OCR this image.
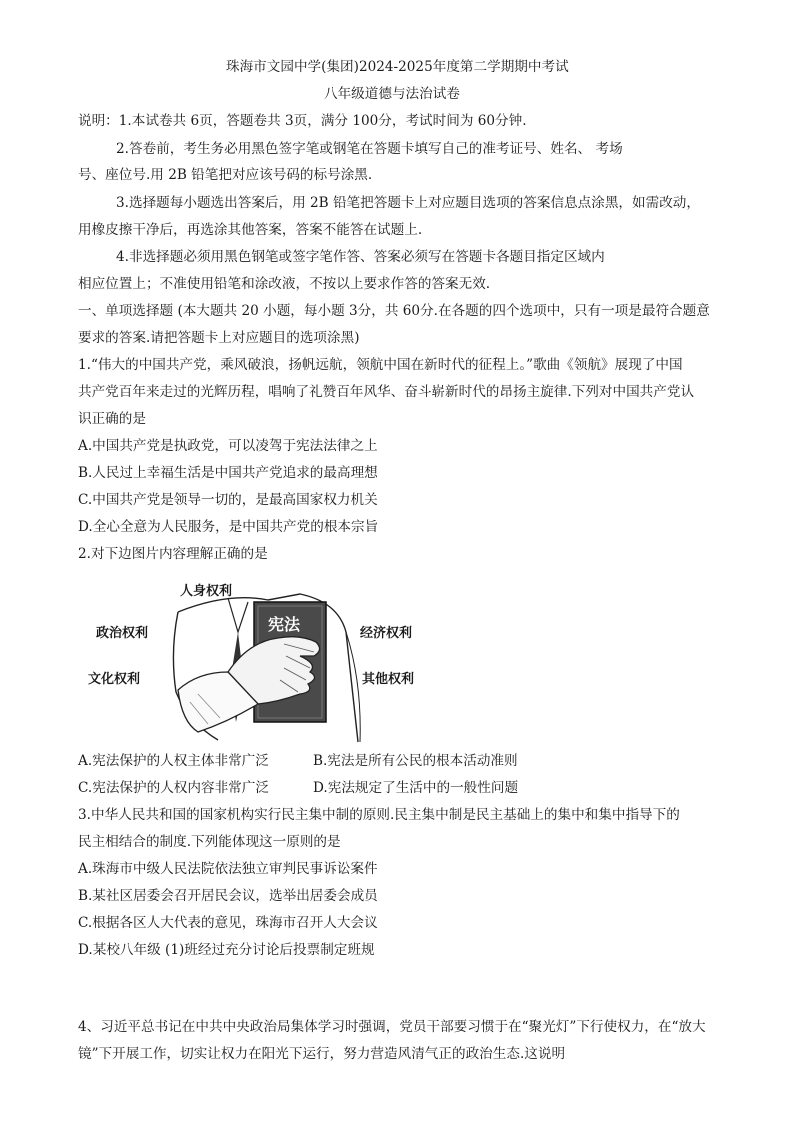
珠海市文园中学(集团)2024-2025年度第二学期期中考试
八年级道德与法治试卷
说明：1.本试卷共 6页，答题卷共 3页，满分 100分，考试时间为 60分钟.
2.答卷前，考生务必用黑色签字笔或钢笔在答题卡填写自己的准考证号、姓名、 考场
号、座位号.用 2B 铅笔把对应该号码的标号涂黑.
3.选择题每小题选出答案后，用 2B 铅笔把答题卡上对应题目选项的答案信息点涂黑，如需改动，
用橡皮擦干净后，再选涂其他答案，答案不能答在试题上.
4.非选择题必须用黑色钢笔或签字笔作答、答案必须写在答题卡各题目指定区域内
相应位置上；不准使用铅笔和涂改液，不按以上要求作答的答案无效.
一、单项选择题 (本大题共 20 小题，每小题 3分，共 60分.在各题的四个选项中，只有一项是最符合题意
要求的答案.请把答题卡上对应题目的选项涂黑)
1.“伟大的中国共产党，乘风破浪，扬帆远航，领航中国在新时代的征程上。”歌曲《领航》展现了中国
共产党百年来走过的光辉历程，唱响了礼赞百年风华、奋斗崭新时代的昂扬主旋律.下列对中国共产党认
识正确的是
A.中国共产党是执政党，可以凌驾于宪法法律之上
B.人民过上幸福生活是中国共产党追求的最高理想
C.中国共产党是领导一切的，是最高国家权力机关
D.全心全意为人民服务，是中国共产党的根本宗旨
2.对下边图片内容理解正确的是
宪法
人身权利
政治权利
文化权利
经济权利
其他权利
A.宪法保护的人权主体非常广泛	B.宪法是所有公民的根本活动准则
C.宪法保护的人权内容非常广泛	D.宪法规定了生活中的一般性问题
3.中华人民共和国的国家机构实行民主集中制的原则.民主集中制是民主基础上的集中和集中指导下的
民主相结合的制度.下列能体现这一原则的是
A.珠海市中级人民法院依法独立审判民事诉讼案件
B.某社区居委会召开居民会议，选举出居委会成员
C.根据各区人大代表的意见，珠海市召开人大会议
D.某校八年级 (1)班经过充分讨论后投票制定班规
4、习近平总书记在中共中央政治局集体学习时强调，党员干部要习惯于在“聚光灯”下行使权力，在“放大
镜”下开展工作，切实让权力在阳光下运行，努力营造风清气正的政治生态.这说明
